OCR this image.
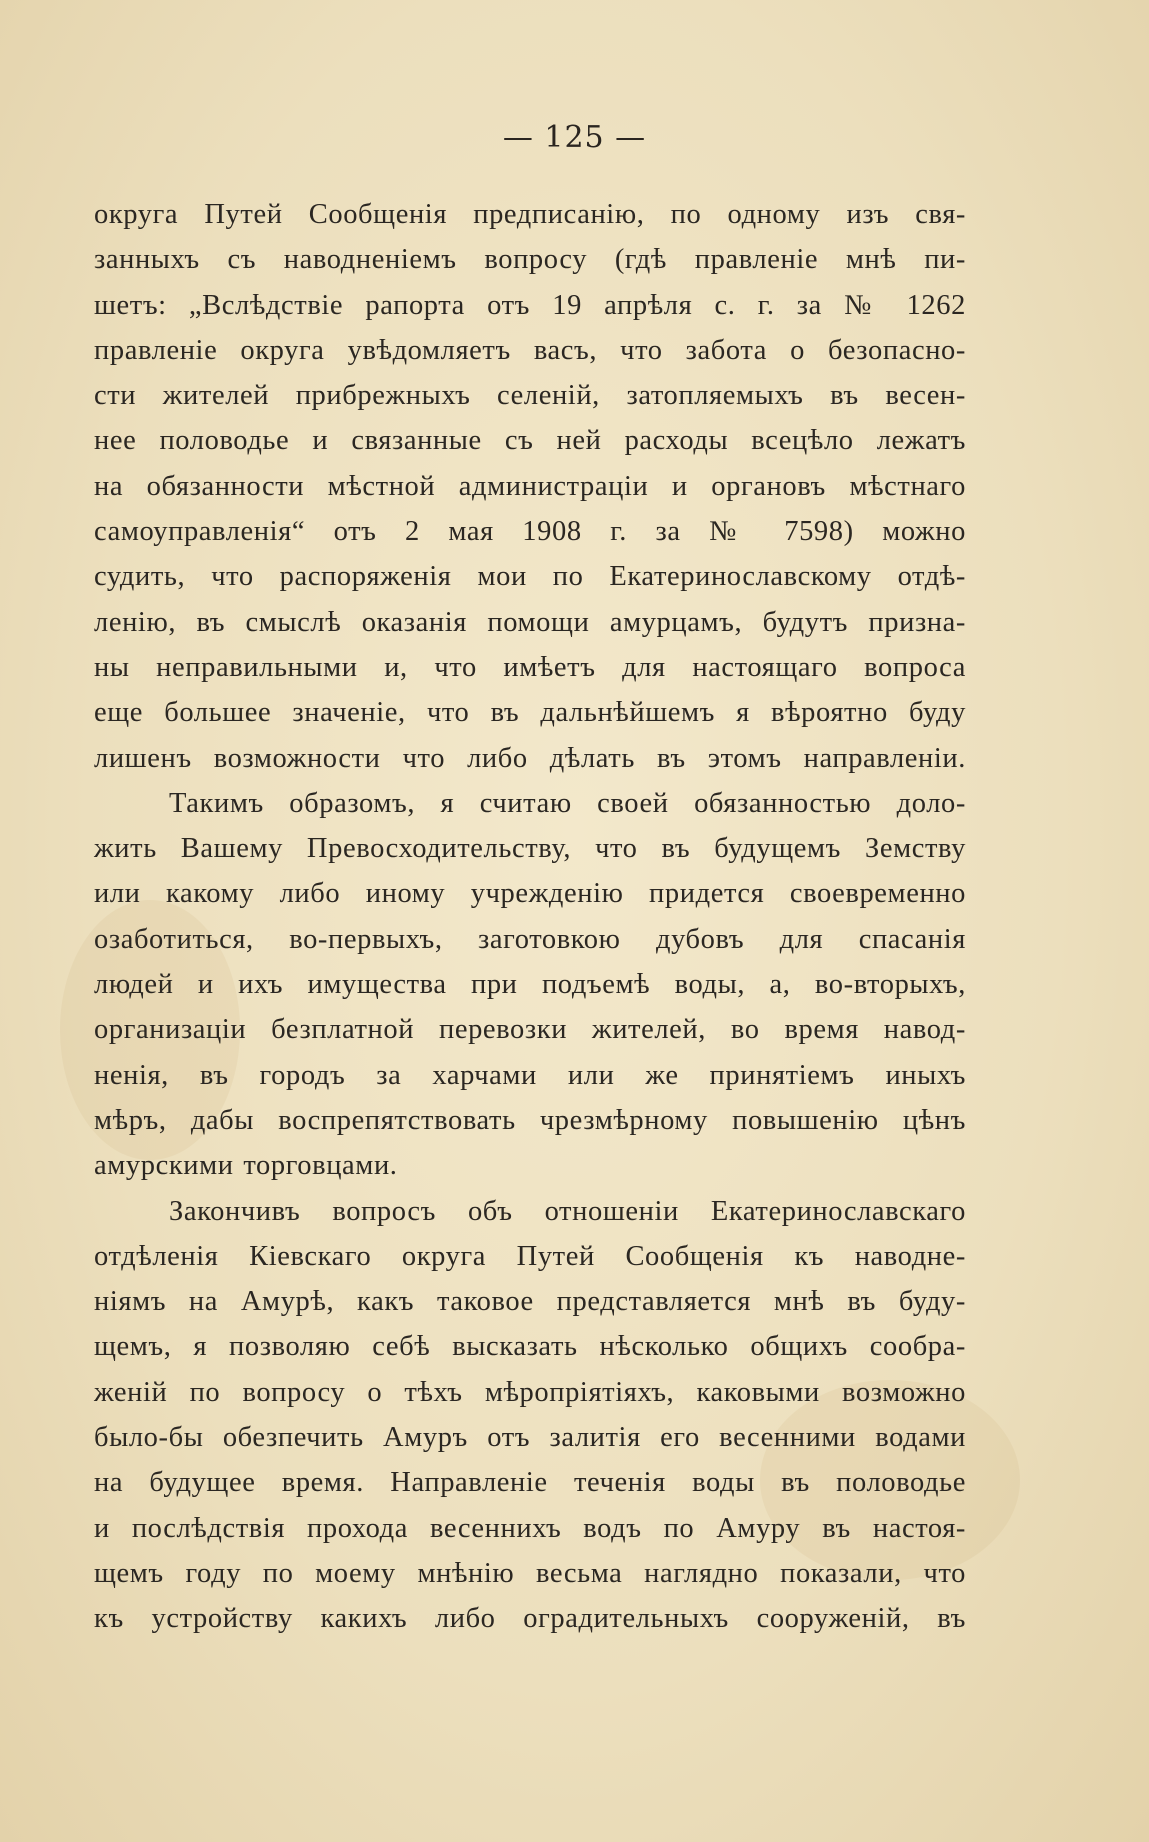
— 125 —
округа Путей Сообщенія предписанію, по одному изъ свя-
занныхъ съ наводненіемъ вопросу (гдѣ правленіе мнѣ пи-
шетъ: „Вслѣдствіе рапорта отъ 19 апрѣля с. г. за № 1262
правленіе округа увѣдомляетъ васъ, что забота о безопасно-
сти жителей прибрежныхъ селеній, затопляемыхъ въ весен-
нее половодье и связанные съ ней расходы всецѣло лежатъ
на обязанности мѣстной администраціи и органовъ мѣстнаго
самоуправленія“ отъ 2 мая 1908 г. за № 7598) можно
судить, что распоряженія мои по Екатеринославскому отдѣ-
ленію, въ смыслѣ оказанія помощи амурцамъ, будутъ призна-
ны неправильными и, что имѣетъ для настоящаго вопроса
еще большее значеніе, что въ дальнѣйшемъ я вѣроятно буду
лишенъ возможности что либо дѣлать въ этомъ направленіи.
Такимъ образомъ, я считаю своей обязанностью доло-
жить Вашему Превосходительству, что въ будущемъ Земству
или какому либо иному учрежденію придется своевременно
озаботиться, во-первыхъ, заготовкою дубовъ для спасанія
людей и ихъ имущества при подъемѣ воды, а, во-вторыхъ,
организаціи безплатной перевозки жителей, во время навод-
ненія, въ городъ за харчами или же принятіемъ иныхъ
мѣръ, дабы воспрепятствовать чрезмѣрному повышенію цѣнъ
амурскими торговцами.
Закончивъ вопросъ объ отношеніи Екатеринославскаго
отдѣленія Кіевскаго округа Путей Сообщенія къ наводне-
ніямъ на Амурѣ, какъ таковое представляется мнѣ въ буду-
щемъ, я позволяю себѣ высказать нѣсколько общихъ сообра-
женій по вопросу о тѣхъ мѣропріятіяхъ, каковыми возможно
было-бы обезпечить Амуръ отъ залитія его весенними водами
на будущее время. Направленіе теченія воды въ половодье
и послѣдствія прохода весеннихъ водъ по Амуру въ настоя-
щемъ году по моему мнѣнію весьма наглядно показали, что
къ устройству какихъ либо оградительныхъ сооруженій, въ
